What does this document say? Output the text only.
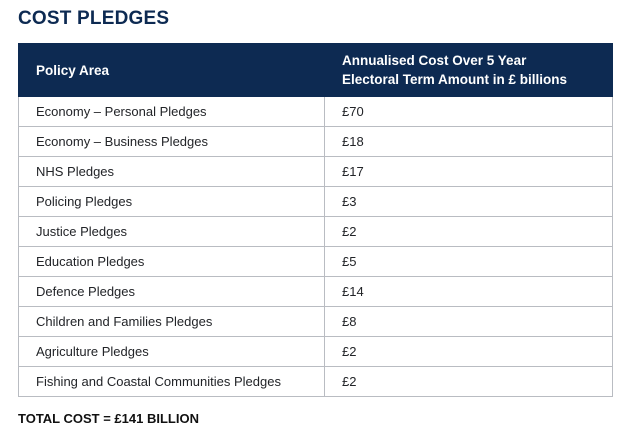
COST PLEDGES
Policy Area	Annualised Cost Over 5 Year
Electoral Term Amount in £ billions
Economy – Personal Pledges	£70
Economy – Business Pledges	£18
NHS Pledges	£17
Policing Pledges	£3
Justice Pledges	£2
Education Pledges	£5
Defence Pledges	£14
Children and Families Pledges	£8
Agriculture Pledges	£2
Fishing and Coastal Communities Pledges	£2

TOTAL COST = £141 BILLION
